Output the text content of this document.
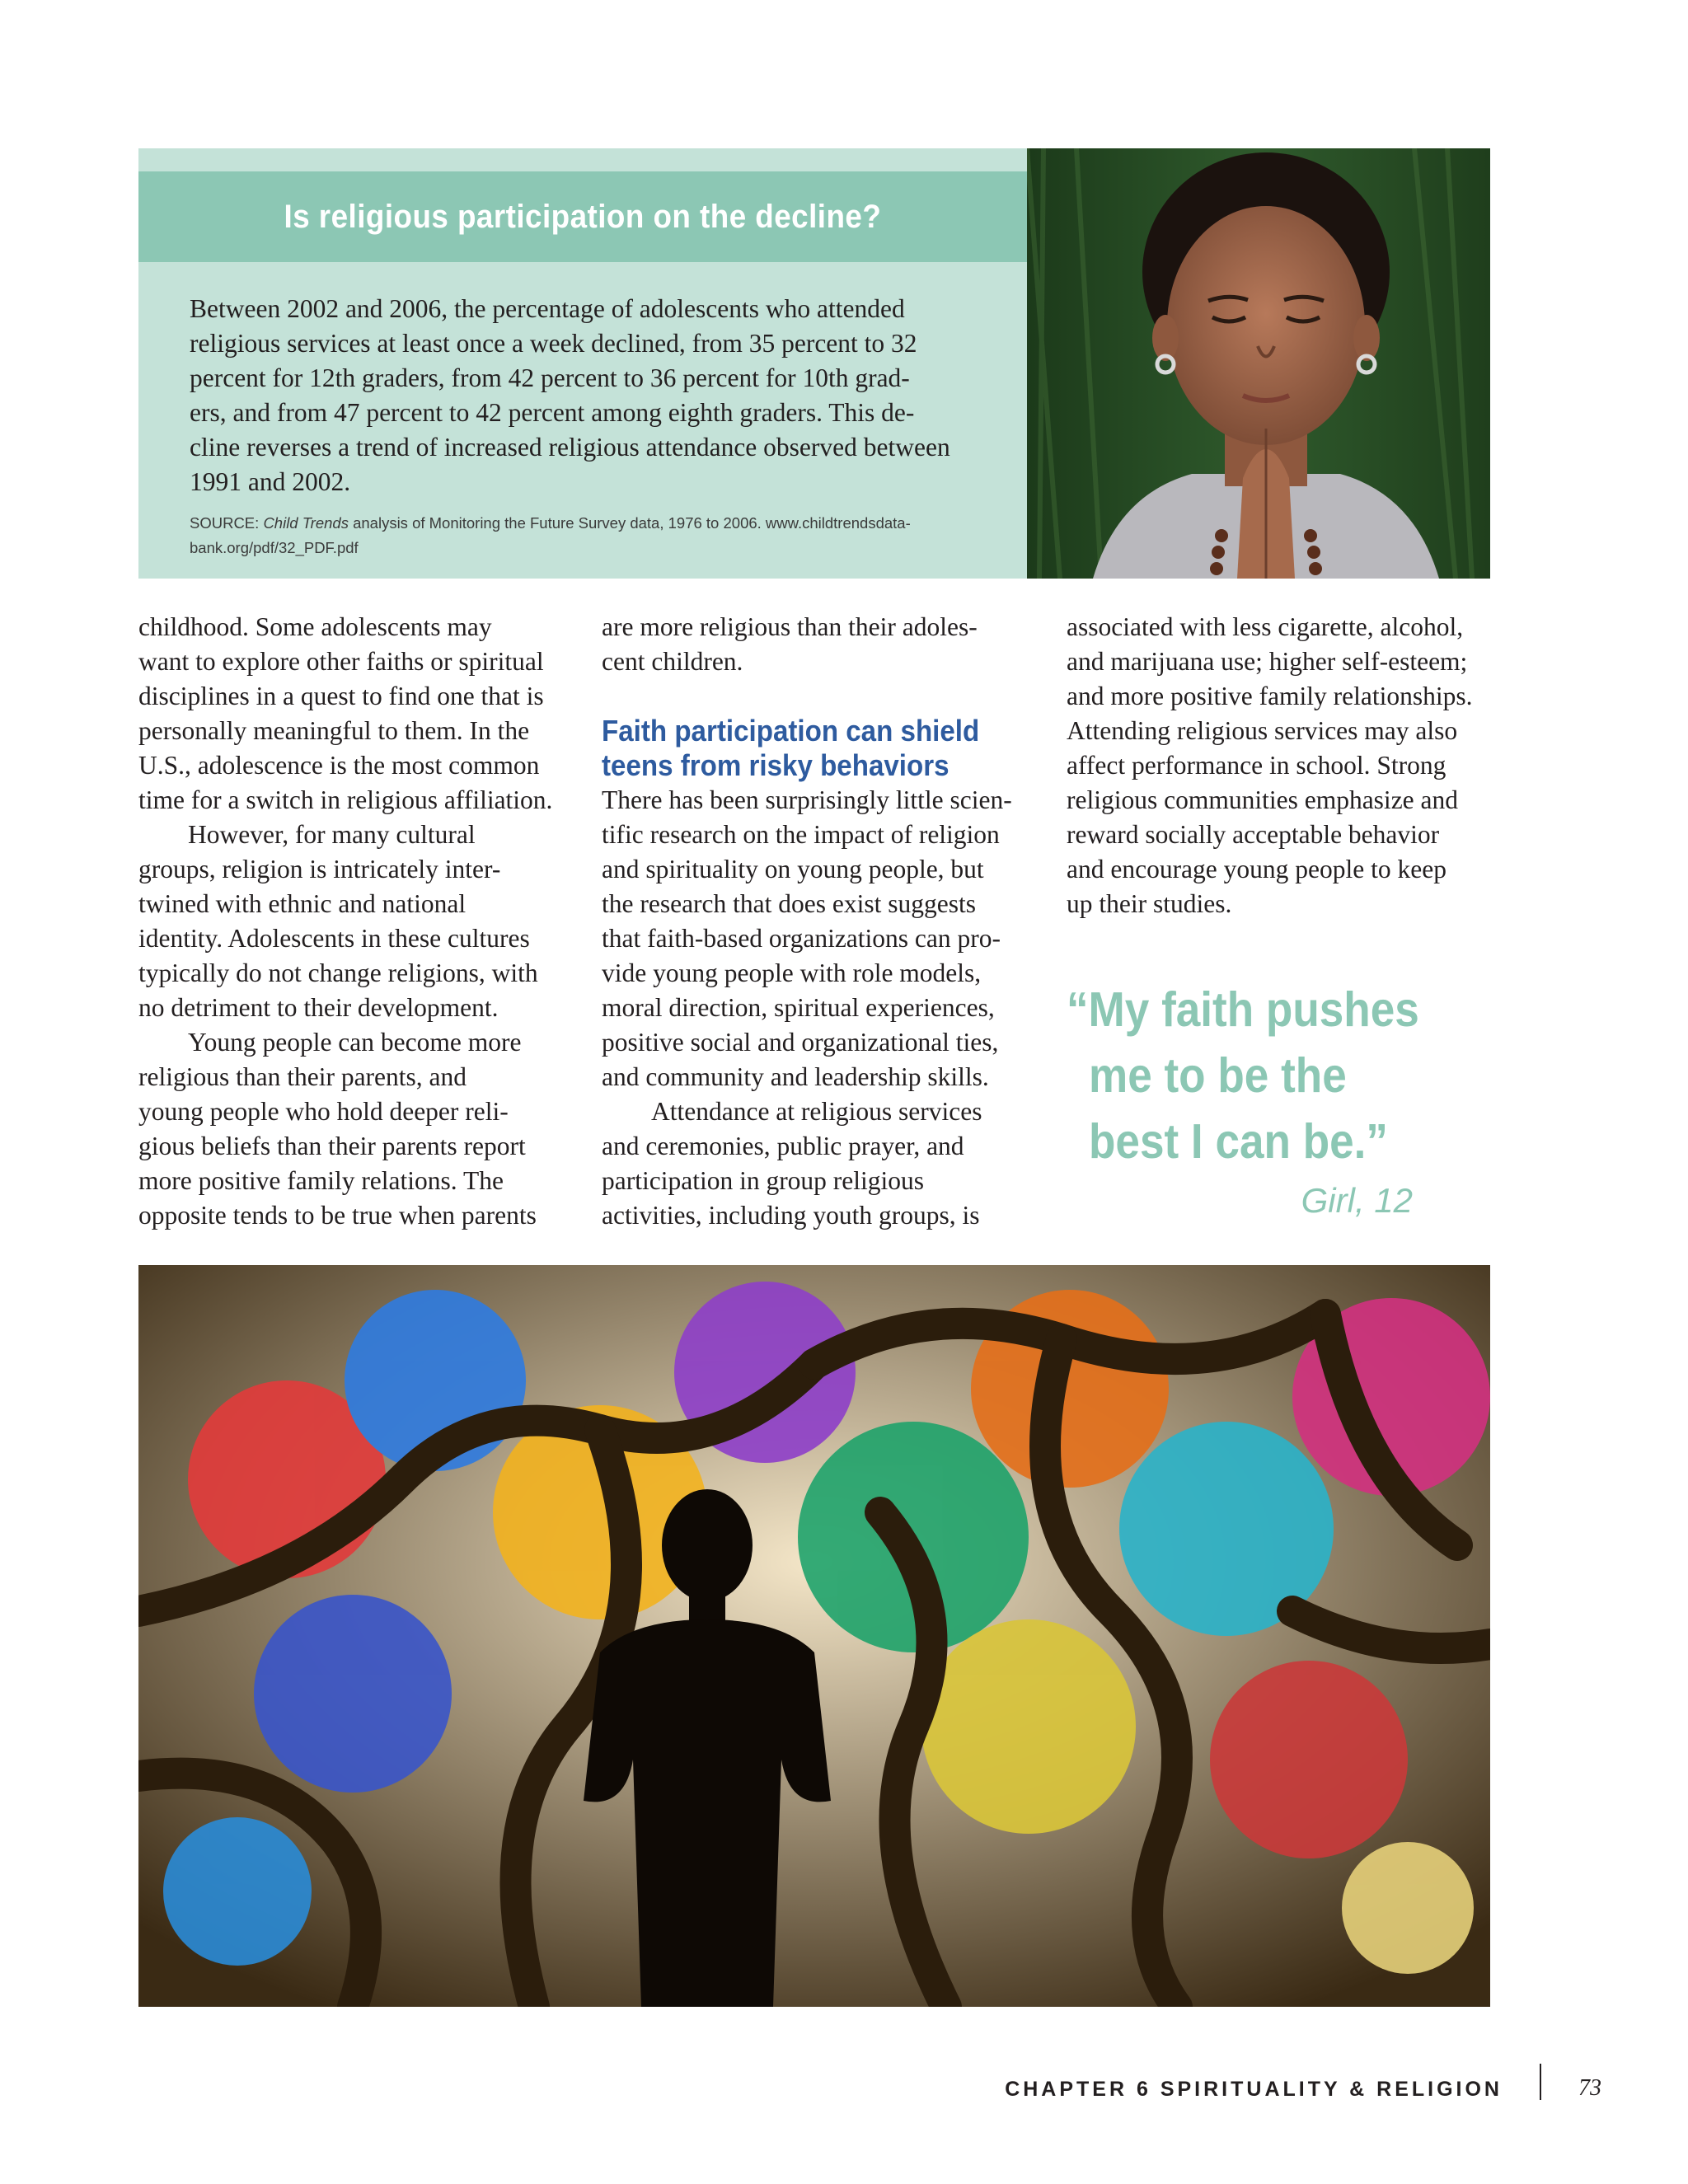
Is religious participation on the decline?
Between 2002 and 2006, the percentage of adolescents who attended
religious services at least once a week declined, from 35 percent to 32
percent for 12th graders, from 42 percent to 36 percent for 10th grad-
ers, and from 47 percent to 42 percent among eighth graders. This de-
cline reverses a trend of increased religious attendance observed between
1991 and 2002.
SOURCE: Child Trends analysis of Monitoring the Future Survey data, 1976 to 2006. www.childtrendsdata-
bank.org/pdf/32_PDF.pdf
childhood. Some adolescents may
want to explore other faiths or spiritual
disciplines in a quest to find one that is
personally meaningful to them. In the
U.S., adolescence is the most common
time for a switch in religious affiliation.
However, for many cultural
groups, religion is intricately inter-
twined with ethnic and national
identity. Adolescents in these cultures
typically do not change religions, with
no detriment to their development.
Young people can become more
religious than their parents, and
young people who hold deeper reli-
gious beliefs than their parents report
more positive family relations. The
opposite tends to be true when parents
are more religious than their adoles-
cent children.
Faith participation can shield
teens from risky behaviors
There has been surprisingly little scien-
tific research on the impact of religion
and spirituality on young people, but
the research that does exist suggests
that faith-based organizations can pro-
vide young people with role models,
moral direction, spiritual experiences,
positive social and organizational ties,
and community and leadership skills.
Attendance at religious services
and ceremonies, public prayer, and
participation in group religious
activities, including youth groups, is
associated with less cigarette, alcohol,
and marijuana use; higher self-esteem;
and more positive family relationships.
Attending religious services may also
affect performance in school. Strong
religious communities emphasize and
reward socially acceptable behavior
and encourage young people to keep
up their studies.
“My faith pushes
me to be the
best I can be.”
Girl, 12
CHAPTER 6 SPIRITUALITY & RELIGION	73
